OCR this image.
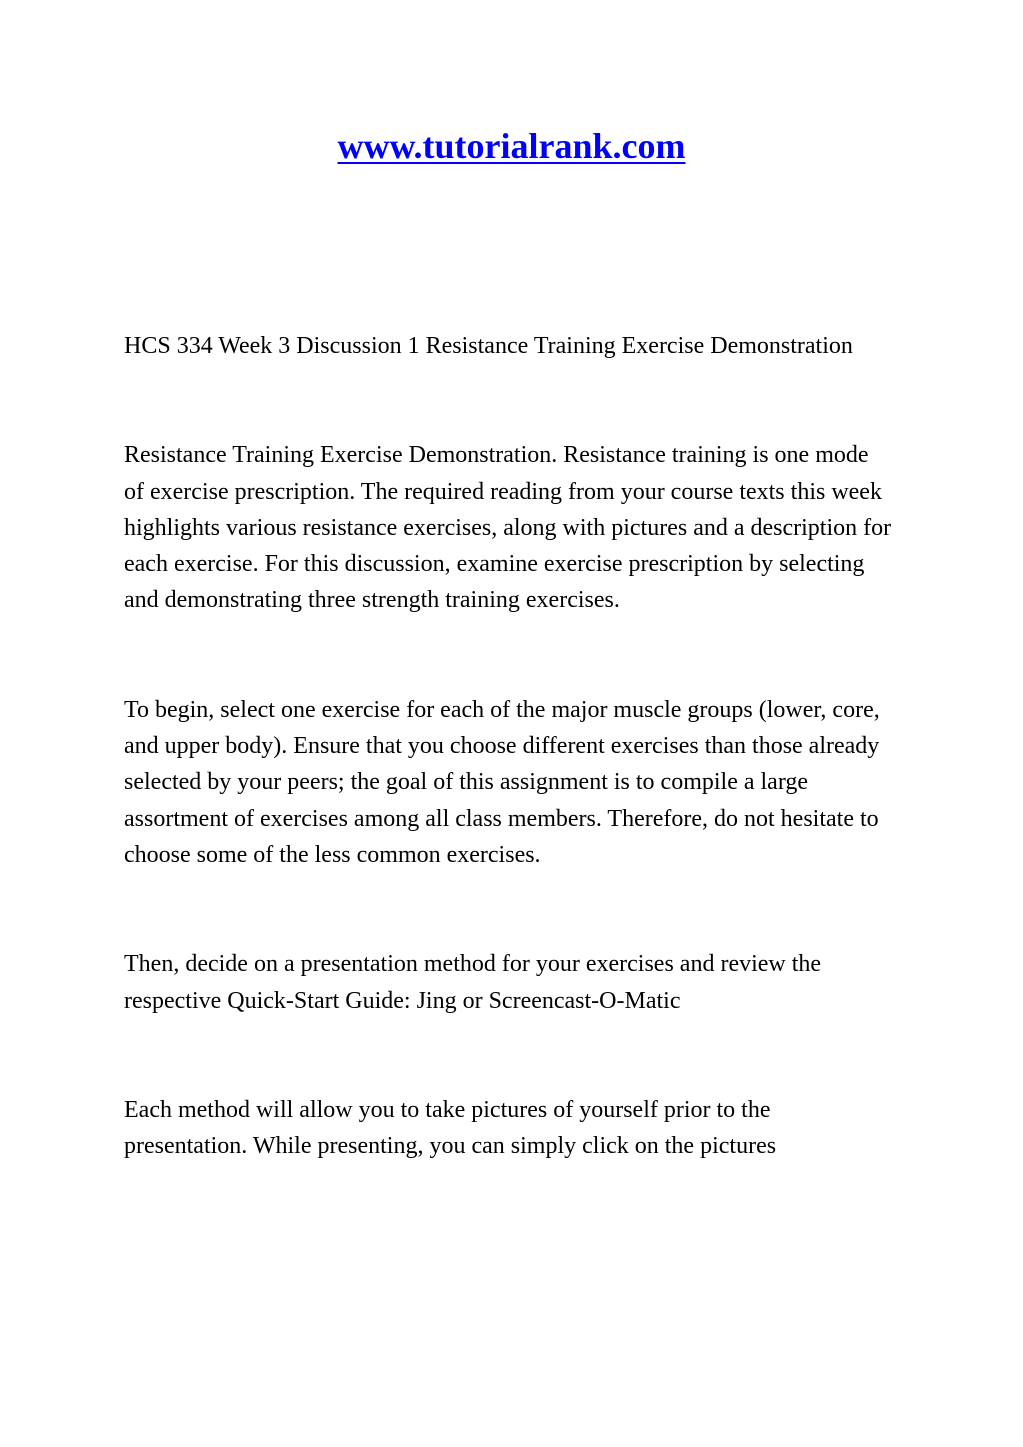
www.tutorialrank.com

HCS 334 Week 3 Discussion 1 Resistance Training Exercise Demonstration

Resistance Training Exercise Demonstration. Resistance training is one mode of exercise prescription. The required reading from your course texts this week highlights various resistance exercises, along with pictures and a description for each exercise. For this discussion, examine exercise prescription by selecting and demonstrating three strength training exercises.

To begin, select one exercise for each of the major muscle groups (lower, core, and upper body). Ensure that you choose different exercises than those already selected by your peers; the goal of this assignment is to compile a large assortment of exercises among all class members. Therefore, do not hesitate to choose some of the less common exercises.

Then, decide on a presentation method for your exercises and review the respective Quick-Start Guide: Jing or Screencast-O-Matic

Each method will allow you to take pictures of yourself prior to the presentation. While presenting, you can simply click on the pictures
